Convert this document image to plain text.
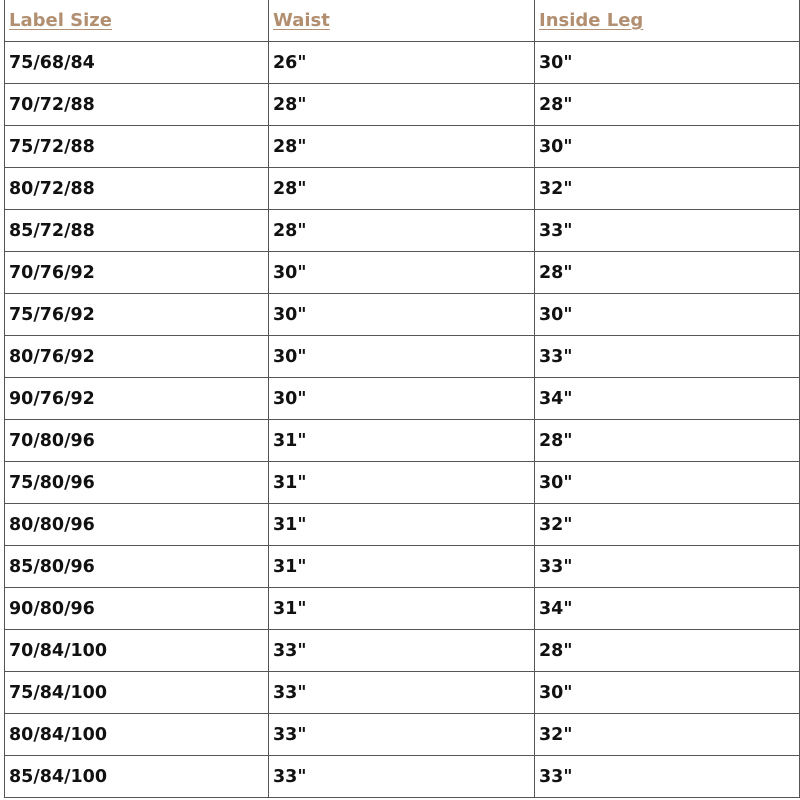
Label Size	Waist	Inside Leg
75/68/84	26"	30"
70/72/88	28"	28"
75/72/88	28"	30"
80/72/88	28"	32"
85/72/88	28"	33"
70/76/92	30"	28"
75/76/92	30"	30"
80/76/92	30"	33"
90/76/92	30"	34"
70/80/96	31"	28"
75/80/96	31"	30"
80/80/96	31"	32"
85/80/96	31"	33"
90/80/96	31"	34"
70/84/100	33"	28"
75/84/100	33"	30"
80/84/100	33"	32"
85/84/100	33"	33"
